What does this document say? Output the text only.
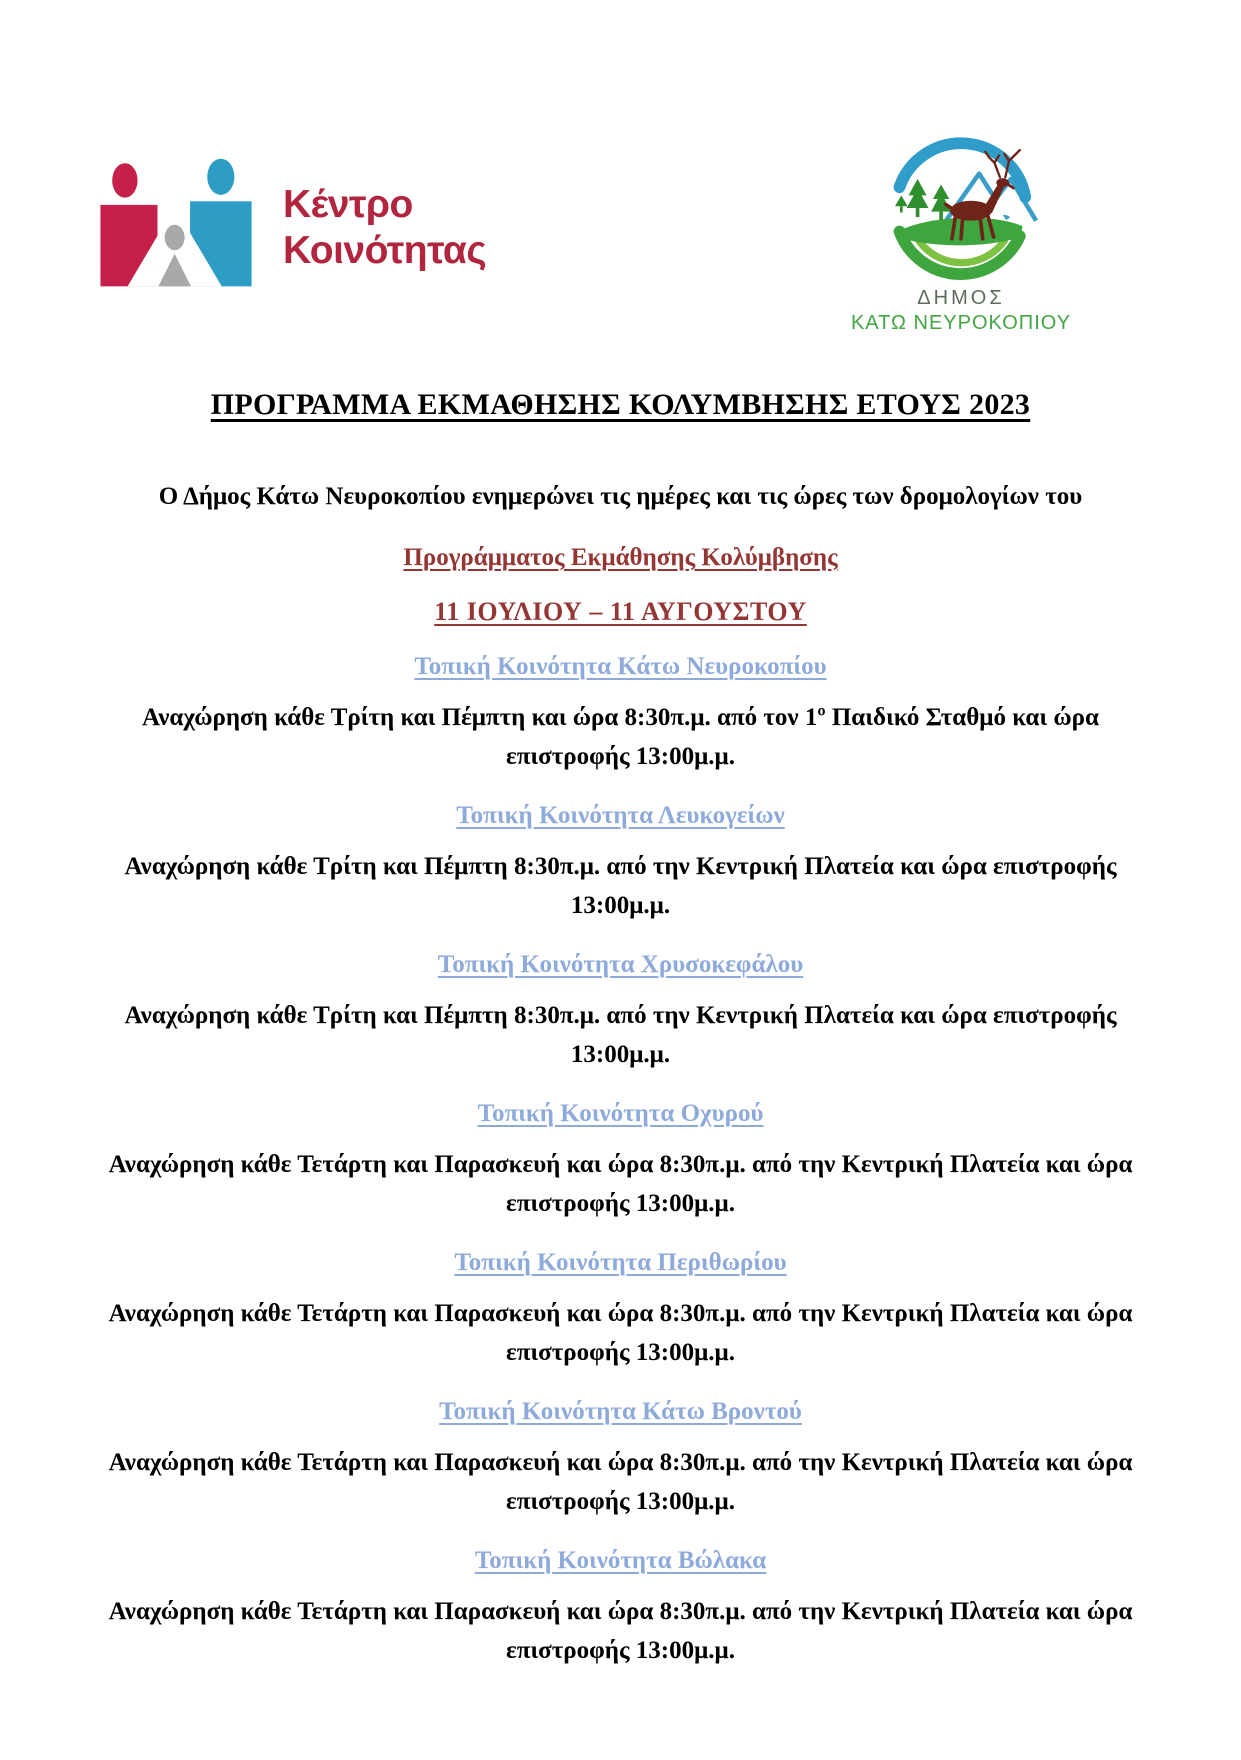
Κέντρο
Κοινότητας
ΔΗΜΟΣ
ΚΑΤΩ ΝΕΥΡΟΚΟΠΙΟΥ
ΠΡΟΓΡΑΜΜΑ ΕΚΜΑΘΗΣΗΣ ΚΟΛΥΜΒΗΣΗΣ ΕΤΟΥΣ 2023

Ο Δήμος Κάτω Νευροκοπίου ενημερώνει τις ημέρες και τις ώρες των δρομολογίων του

Προγράμματος Εκμάθησης Κολύμβησης

11 ΙΟΥΛΙΟΥ – 11 ΑΥΓΟΥΣΤΟΥ

Τοπική Κοινότητα Κάτω Νευροκοπίου

Αναχώρηση κάθε Τρίτη και Πέμπτη και ώρα 8:30π.μ. από τον 1º Παιδικό Σταθμό και ώρα επιστροφής 13:00μ.μ.

Τοπική Κοινότητα Λευκογείων

Αναχώρηση κάθε Τρίτη και Πέμπτη 8:30π.μ. από την Κεντρική Πλατεία και ώρα επιστροφής 13:00μ.μ.

Τοπική Κοινότητα Χρυσοκεφάλου

Αναχώρηση κάθε Τρίτη και Πέμπτη 8:30π.μ. από την Κεντρική Πλατεία και ώρα επιστροφής 13:00μ.μ.

Τοπική Κοινότητα Οχυρού

Αναχώρηση κάθε Τετάρτη και Παρασκευή και ώρα 8:30π.μ. από την Κεντρική Πλατεία και ώρα επιστροφής 13:00μ.μ.

Τοπική Κοινότητα Περιθωρίου

Αναχώρηση κάθε Τετάρτη και Παρασκευή και ώρα 8:30π.μ. από την Κεντρική Πλατεία και ώρα επιστροφής 13:00μ.μ.

Τοπική Κοινότητα Κάτω Βροντού

Αναχώρηση κάθε Τετάρτη και Παρασκευή και ώρα 8:30π.μ. από την Κεντρική Πλατεία και ώρα επιστροφής 13:00μ.μ.

Τοπική Κοινότητα Βώλακα

Αναχώρηση κάθε Τετάρτη και Παρασκευή και ώρα 8:30π.μ. από την Κεντρική Πλατεία και ώρα επιστροφής 13:00μ.μ.
